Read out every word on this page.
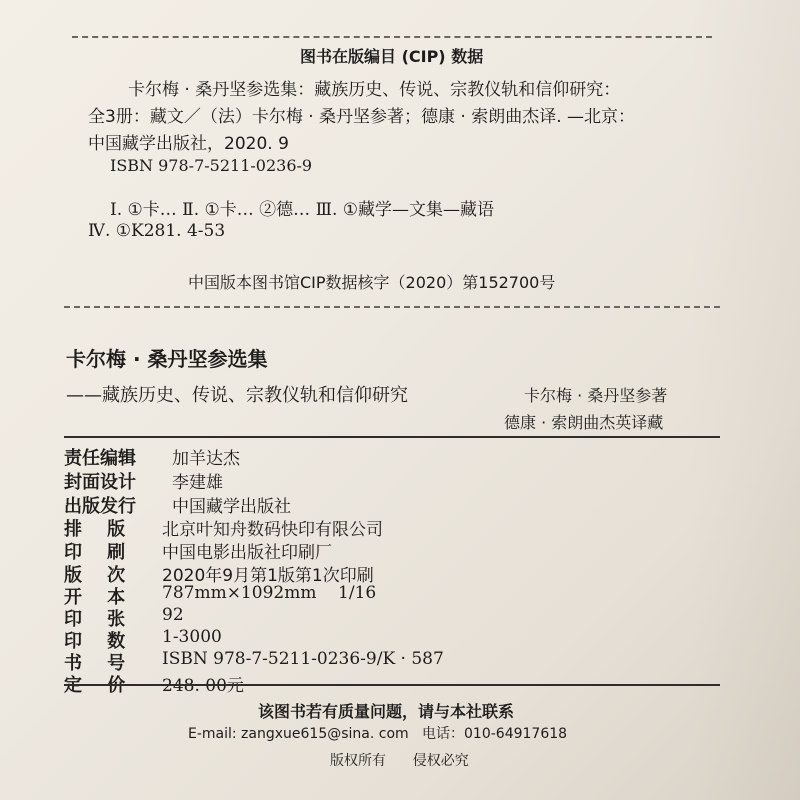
图书在版编目 (CIP) 数据
卡尔梅 · 桑丹坚参选集：藏族历史、传说、宗教仪轨和信仰研究：
全3册：藏文／（法）卡尔梅 · 桑丹坚参著；德康 · 索朗曲杰译. —北京：
中国藏学出版社，2020. 9
ISBN 978-7-5211-0236-9
Ⅰ. ①卡… Ⅱ. ①卡… ②德… Ⅲ. ①藏学—文集—藏语
Ⅳ. ①K281. 4-53
中国版本图书馆CIP数据核字（2020）第152700号
卡尔梅 · 桑丹坚参选集
——藏族历史、传说、宗教仪轨和信仰研究	卡尔梅 · 桑丹坚参著
德康 · 索朗曲杰英译藏
责任编辑 加羊达杰
封面设计 李建雄
出版发行 中国藏学出版社
排    版 北京叶知舟数码快印有限公司
印    刷 中国电影出版社印刷厂
版    次 2020年9月第1版第1次印刷
开    本 787mm×1092mm    1/16
印    张 92
印    数 1-3000
书    号 ISBN 978-7-5211-0236-9/K · 587
定    价 248. 00元
该图书若有质量问题，请与本社联系
E-mail: zangxue615@sina. com   电话：010-64917618
版权所有      侵权必究
